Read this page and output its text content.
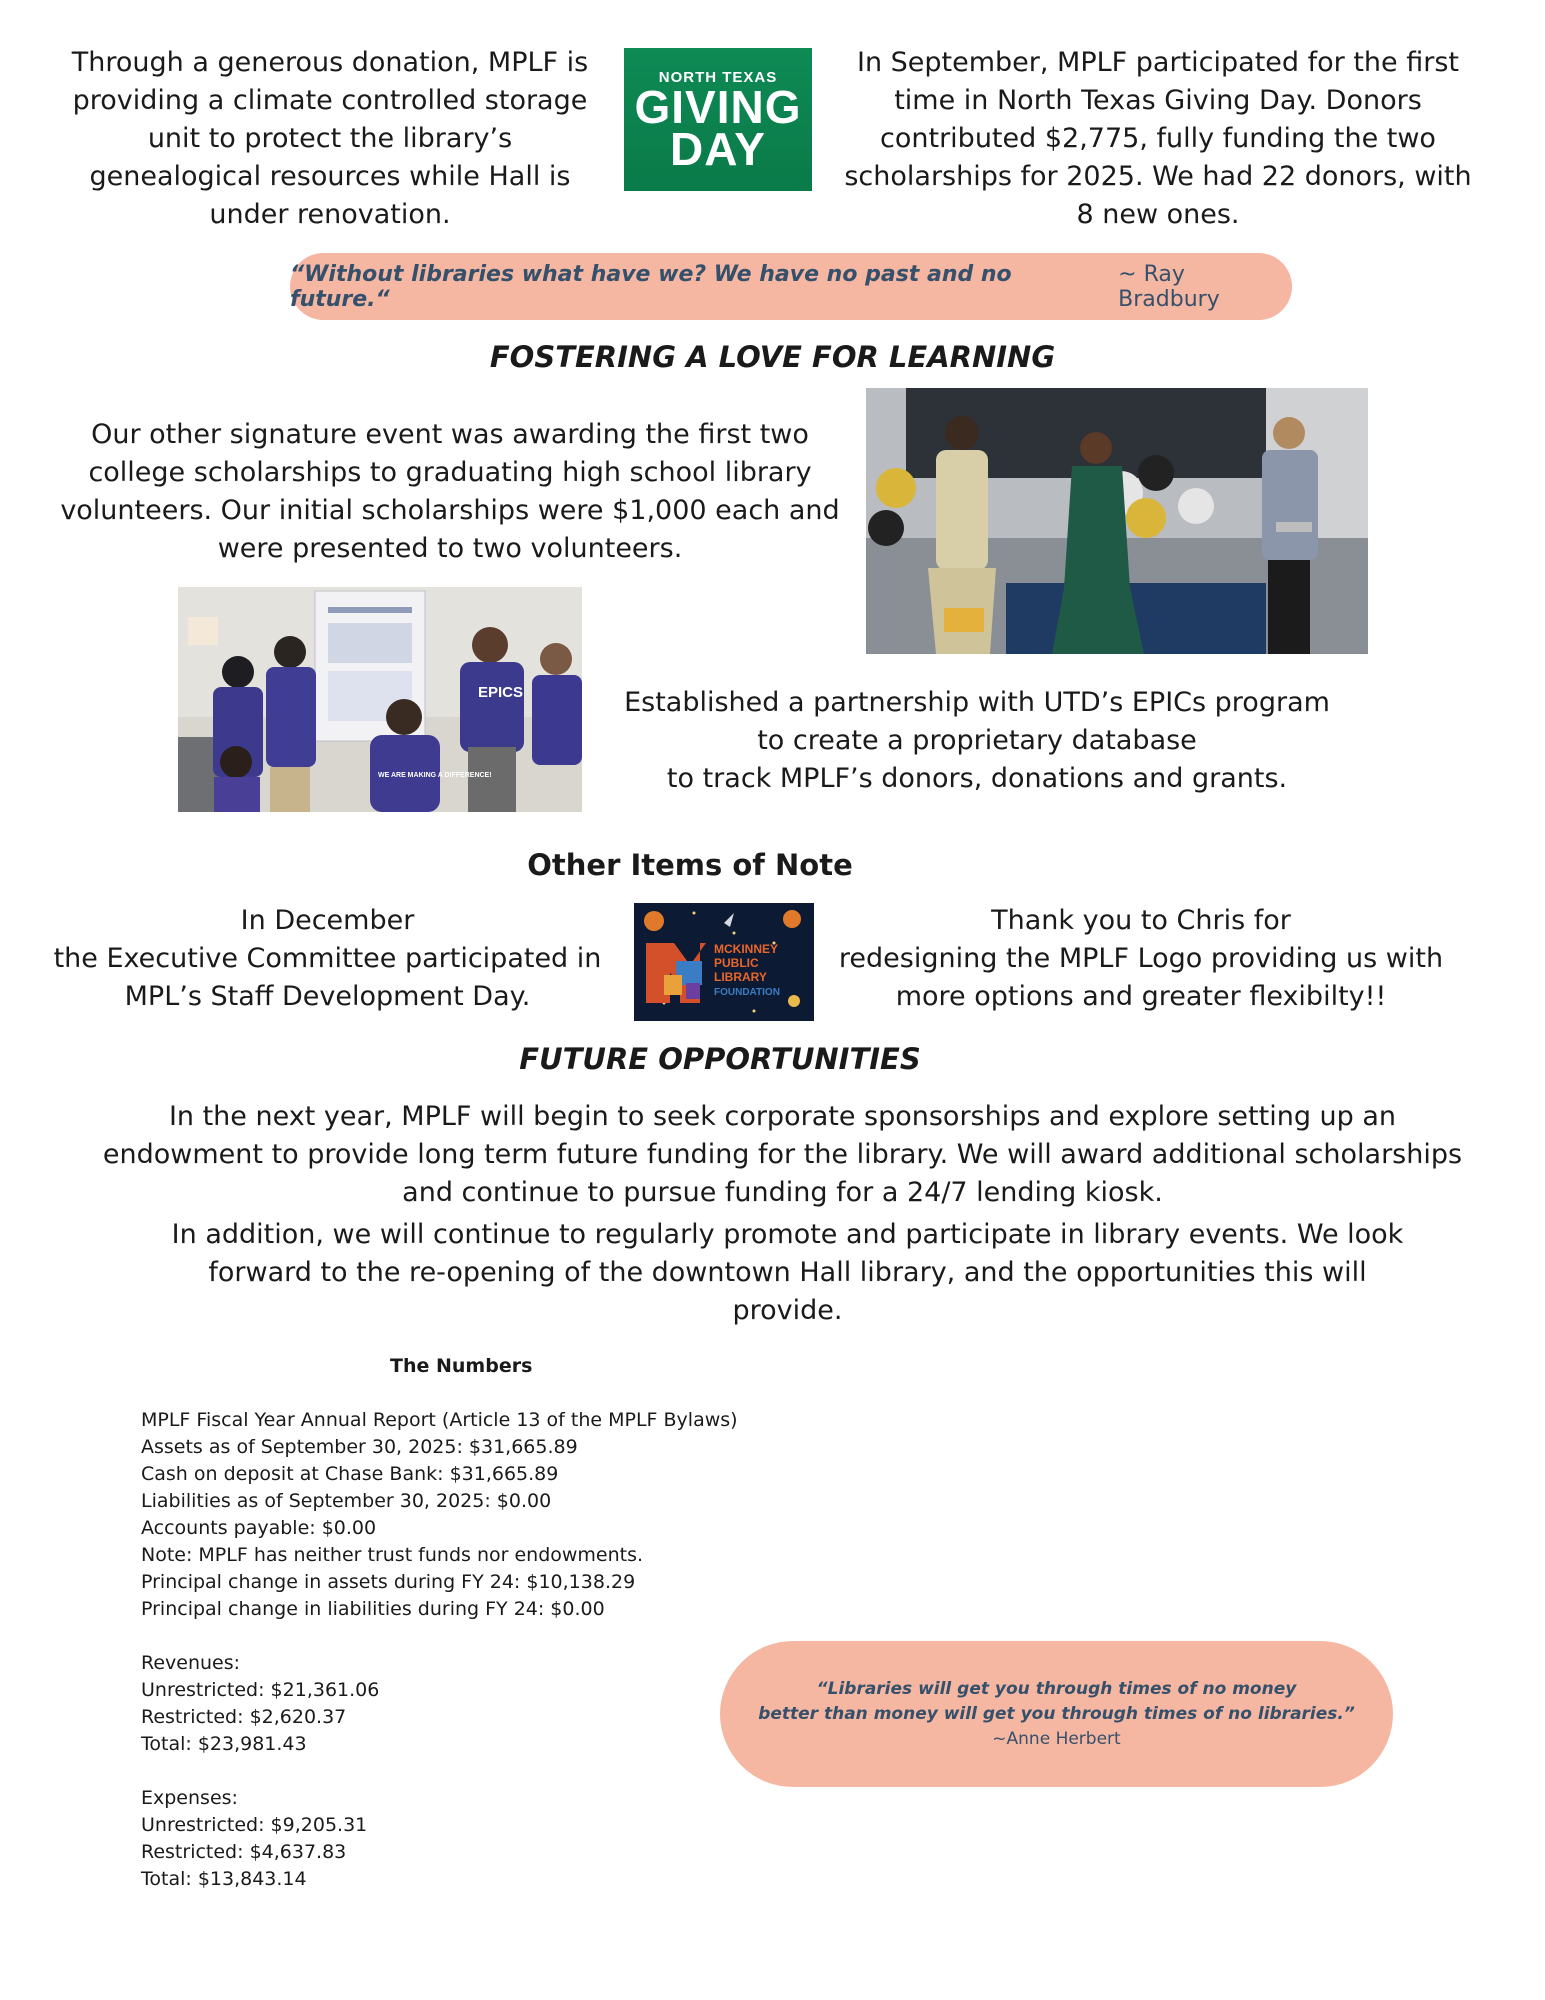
Through a generous donation, MPLF is providing a climate controlled storage unit to protect the library’s genealogical resources while Hall is under renovation.
NORTH TEXAS
GIVING
DAY
In September, MPLF participated for the first time in North Texas Giving Day. Donors contributed $2,775, fully funding the two scholarships for 2025. We had 22 donors, with 8 new ones.
“Without libraries what have we? We have no past and no future.“
~ Ray Bradbury
FOSTERING A LOVE FOR LEARNING
Our other signature event was awarding the first two college scholarships to graduating high school library volunteers. Our initial scholarships were $1,000 each and were presented to two volunteers.
EPICS
WE ARE MAKING A DIFFERENCE!
Established a partnership with UTD’s EPICs program
to create a proprietary database
to track MPLF’s donors, donations and grants.
Other Items of Note
In December
the Executive Committee participated in
MPL’s Staff Development Day.
MCKINNEY
PUBLIC
LIBRARY
FOUNDATION
Thank you to Chris for
redesigning the MPLF Logo providing us with
more options and greater flexibilty!!
FUTURE OPPORTUNITIES
In the next year, MPLF will begin to seek corporate sponsorships and explore setting up an endowment to provide long term future funding for the library. We will award additional scholarships and continue to pursue funding for a 24/7 lending kiosk.
In addition, we will continue to regularly promote and participate in library events. We look forward to the re-opening of the downtown Hall library, and the opportunities this will provide.
The Numbers
MPLF Fiscal Year Annual Report (Article 13 of the MPLF Bylaws)
Assets as of September 30, 2025: $31,665.89
Cash on deposit at Chase Bank: $31,665.89
Liabilities as of September 30, 2025: $0.00
Accounts payable: $0.00
Note: MPLF has neither trust funds nor endowments.
Principal change in assets during FY 24: $10,138.29
Principal change in liabilities during FY 24: $0.00
Revenues:
Unrestricted: $21,361.06
Restricted: $2,620.37
Total: $23,981.43
Expenses:
Unrestricted: $9,205.31
Restricted: $4,637.83
Total: $13,843.14
“Libraries will get you through times of no money
better than money will get you through times of no libraries.”
~Anne Herbert
